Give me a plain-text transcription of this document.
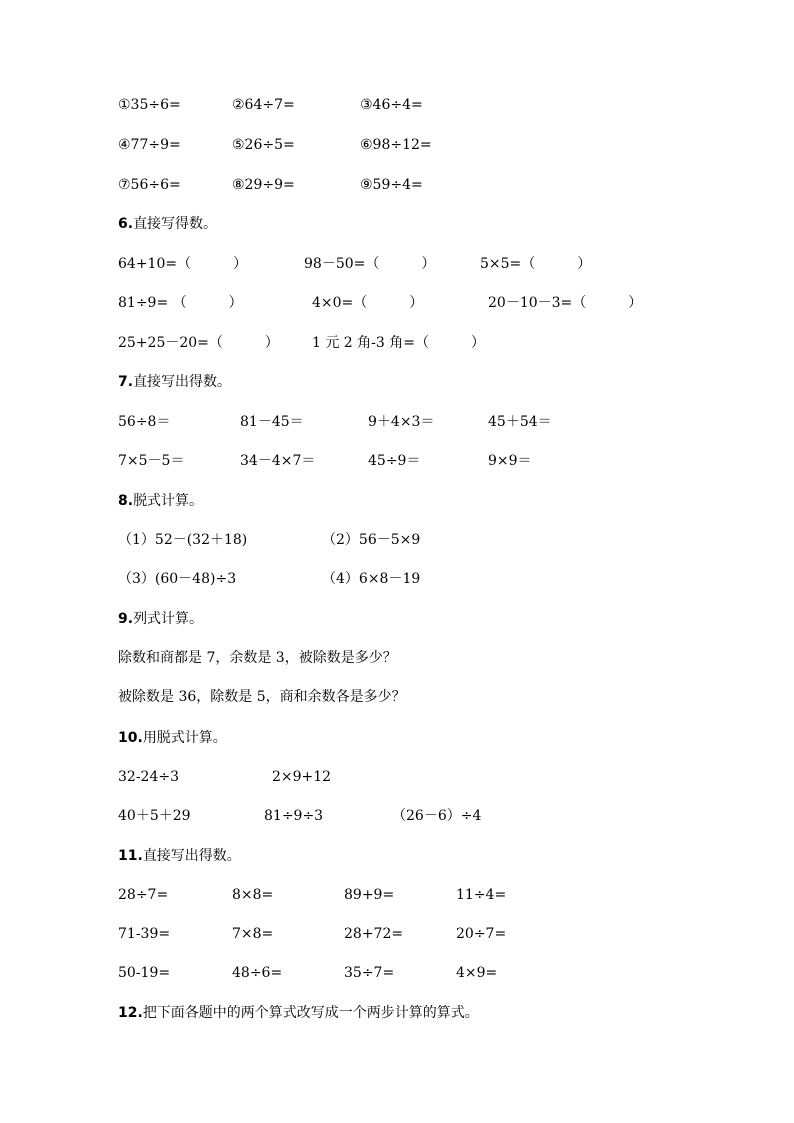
①35÷6=	②64÷7=	③46÷4=
④77÷9=	⑤26÷5=	⑥98÷12=
⑦56÷6=	⑧29÷9=	⑨59÷4=
6.直接写得数。
64+10=（　　　）	98－50=（　　　）	5×5=（　　　）
81÷9= （　　　）	4×0=（　　　）	20－10－3=（　　　）
25+25－20=（　　　） 1 元 2 角-3 角=（　　　）
7.直接写出得数。
56÷8＝	81－45＝	9＋4×3＝	45＋54＝
7×5－5＝	34－4×7＝	45÷9＝	9×9＝
8.脱式计算。
（1）52－(32＋18)	（2）56－5×9
（3）(60－48)÷3	（4）6×8－19
9.列式计算。
除数和商都是 7，余数是 3，被除数是多少？
被除数是 36，除数是 5，商和余数各是多少？
10.用脱式计算。
32-24÷3	2×9+12
40＋5＋29	81÷9÷3	（26－6）÷4
11.直接写出得数。
28÷7=	8×8=	89+9=	11÷4=
71-39=	7×8=	28+72=	20÷7=
50-19=	48÷6=	35÷7=	4×9=
12.把下面各题中的两个算式改写成一个两步计算的算式。
